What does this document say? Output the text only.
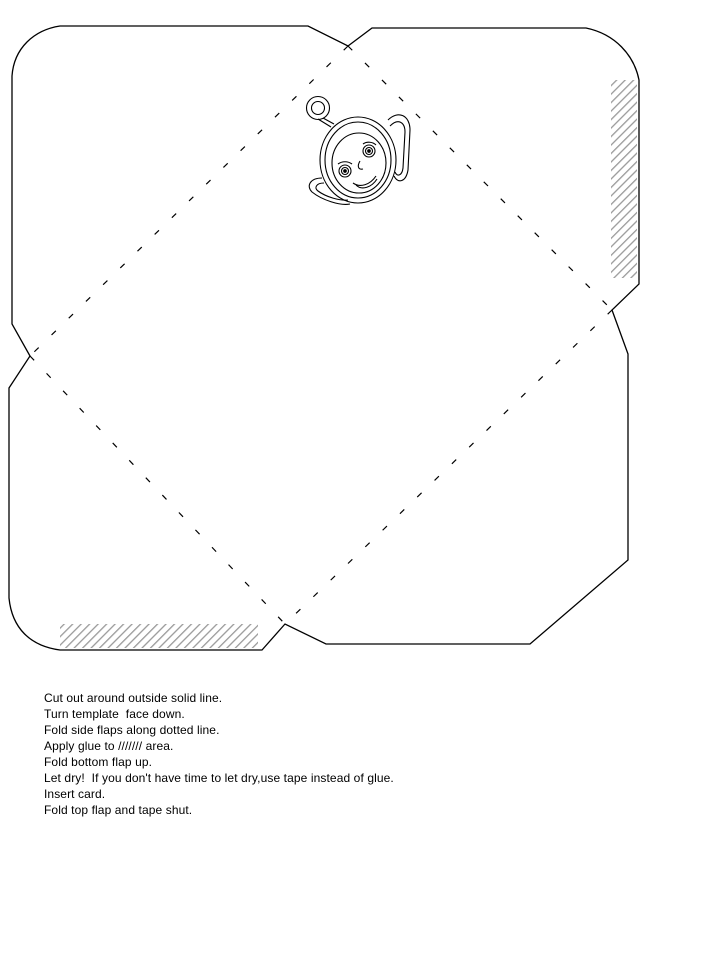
Cut out around outside solid line.
Turn template  face down.
Fold side flaps along dotted line.
Apply glue to /////// area.
Fold bottom flap up.
Let dry!  If you don't have time to let dry,use tape instead of glue.
Insert card.
Fold top flap and tape shut.
